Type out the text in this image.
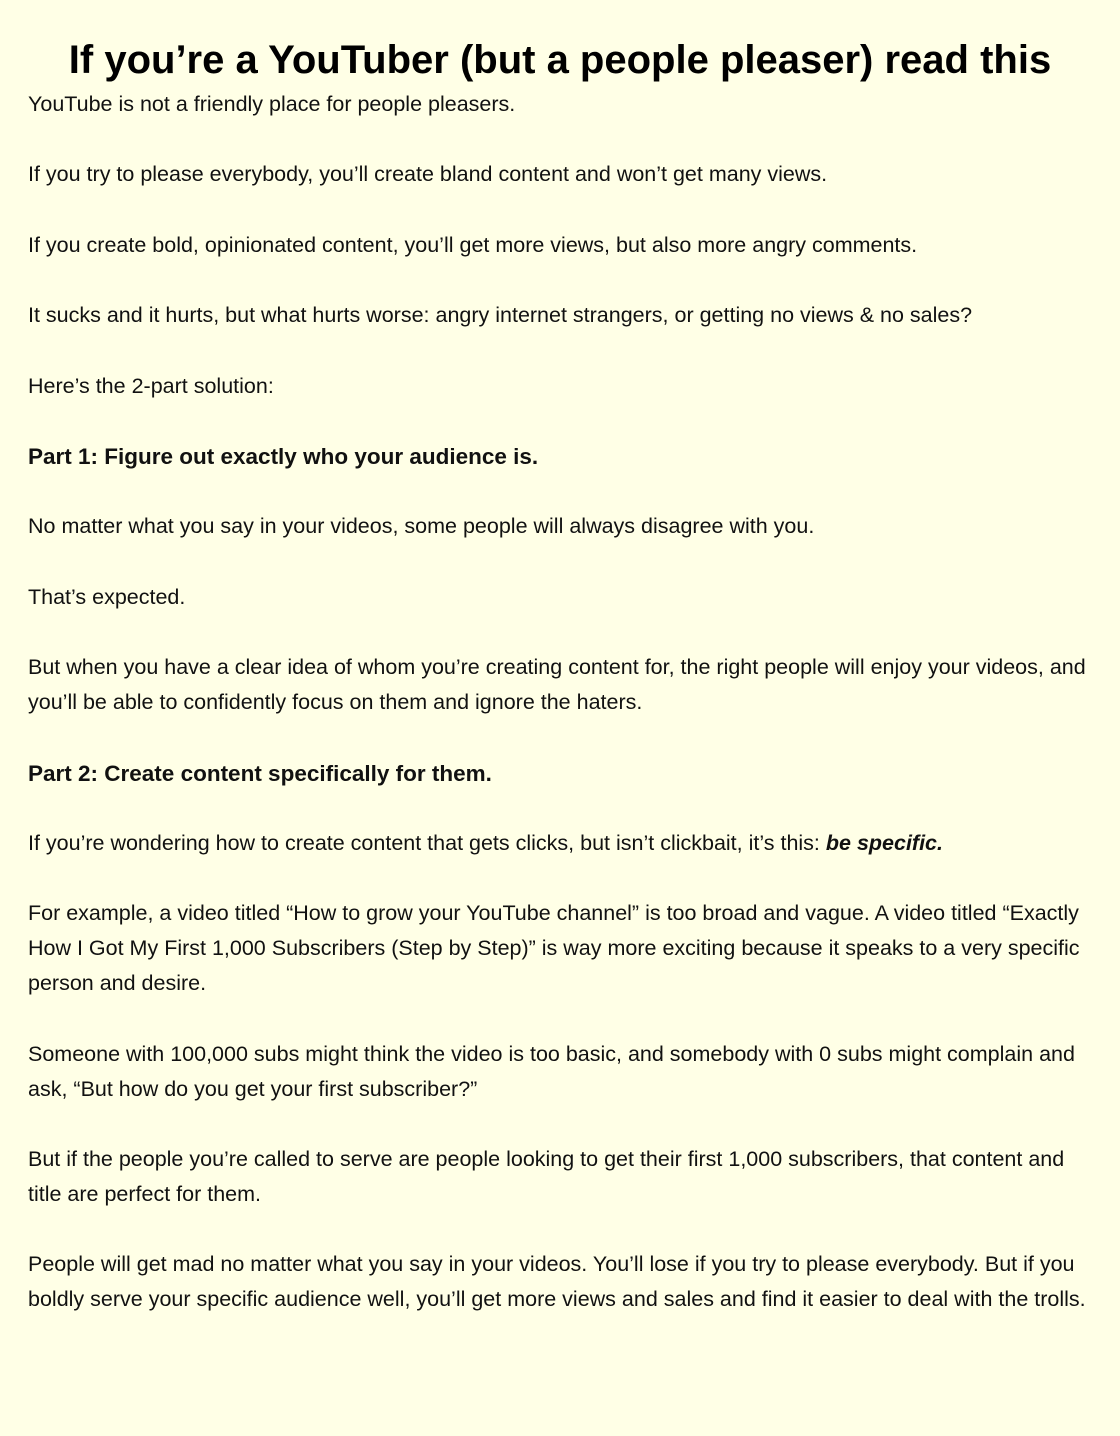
If you’re a YouTuber (but a people pleaser) read this

YouTube is not a friendly place for people pleasers.

If you try to please everybody, you’ll create bland content and won’t get many views.

If you create bold, opinionated content, you’ll get more views, but also more angry comments.

It sucks and it hurts, but what hurts worse: angry internet strangers, or getting no views & no sales?

Here’s the 2-part solution:

Part 1: Figure out exactly who your audience is.

No matter what you say in your videos, some people will always disagree with you.

That’s expected.

But when you have a clear idea of whom you’re creating content for, the right people will enjoy your videos, and you’ll be able to confidently focus on them and ignore the haters.

Part 2: Create content specifically for them.

If you’re wondering how to create content that gets clicks, but isn’t clickbait, it’s this: be specific.

For example, a video titled “How to grow your YouTube channel” is too broad and vague. A video titled “Exactly How I Got My First 1,000 Subscribers (Step by Step)” is way more exciting because it speaks to a very specific person and desire.

Someone with 100,000 subs might think the video is too basic, and somebody with 0 subs might complain and ask, “But how do you get your first subscriber?”

But if the people you’re called to serve are people looking to get their first 1,000 subscribers, that content and title are perfect for them.

People will get mad no matter what you say in your videos. You’ll lose if you try to please everybody. But if you boldly serve your specific audience well, you’ll get more views and sales and find it easier to deal with the trolls.
